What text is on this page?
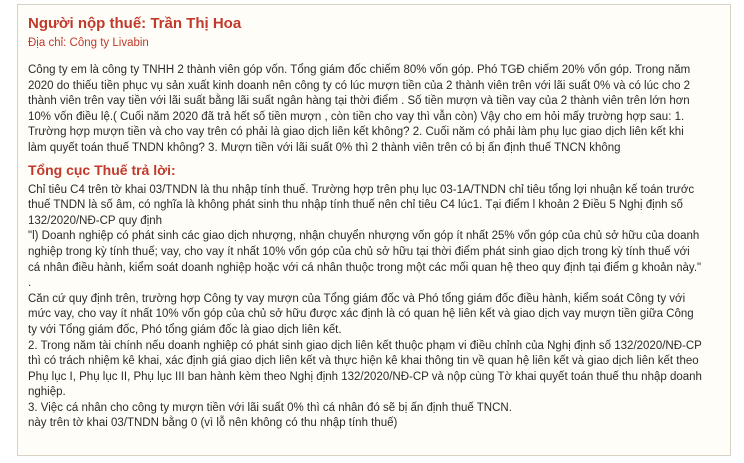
Người nộp thuế: Trần Thị Hoa
Địa chỉ: Công ty Livabin
Công ty em là công ty TNHH 2 thành viên góp vốn. Tổng giám đốc chiếm 80% vốn góp. Phó TGĐ chiếm 20% vốn góp. Trong năm
2020 do thiếu tiền phục vụ sản xuất kinh doanh nên công ty có lúc mượn tiền của 2 thành viên trên với lãi suất 0% và có lúc cho 2
thành viên trên vay tiền với lãi suất bằng lãi suất ngân hàng tại thời điểm . Số tiền mượn và tiền vay của 2 thành viên trên lớn hơn
10% vốn điều lệ.( Cuối năm 2020 đã trả hết số tiền mượn , còn tiền cho vay thì vẫn còn) Vậy cho em hỏi mấy trường hợp sau: 1.
Trường hợp mượn tiền và cho vay trên có phải là giao dịch liên kết không? 2. Cuối năm có phải làm phụ lục giao dịch liên kết khi
làm quyết toán thuế TNDN không? 3. Mượn tiền với lãi suất 0% thì 2 thành viên trên có bị ấn định thuế TNCN không
Tổng cục Thuế trả lời:
Chỉ tiêu C4 trên tờ khai 03/TNDN là thu nhập tính thuế. Trường hợp trên phụ lục 03-1A/TNDN chỉ tiêu tổng lợi nhuận kế toán trước
thuế TNDN là số âm, có nghĩa là không phát sinh thu nhập tính thuế nên chỉ tiêu C4 lúc1. Tại điểm l khoản 2 Điều 5 Nghị định số
132/2020/NĐ-CP quy định
"l) Doanh nghiệp có phát sinh các giao dịch nhượng, nhận chuyển nhượng vốn góp ít nhất 25% vốn góp của chủ sở hữu của doanh
nghiệp trong kỳ tính thuế; vay, cho vay ít nhất 10% vốn góp của chủ sở hữu tại thời điểm phát sinh giao dịch trong kỳ tính thuế với
cá nhân điều hành, kiểm soát doanh nghiệp hoặc với cá nhân thuộc trong một các mối quan hệ theo quy định tại điểm g khoản này."
.
Căn cứ quy định trên, trường hợp Công ty vay mượn của Tổng giám đốc và Phó tổng giám đốc điều hành, kiểm soát Công ty với
mức vay, cho vay ít nhất 10% vốn góp của chủ sở hữu được xác định là có quan hệ liên kết và giao dịch vay mượn tiền giữa Công
ty với Tổng giám đốc, Phó tổng giám đốc là giao dịch liên kết.
2. Trong năm tài chính nếu doanh nghiệp có phát sinh giao dịch liên kết thuộc phạm vi điều chỉnh của Nghị định số 132/2020/NĐ-CP
thì có trách nhiệm kê khai, xác định giá giao dịch liên kết và thực hiện kê khai thông tin về quan hệ liên kết và giao dịch liên kết theo
Phụ lục I, Phụ lục II, Phụ lục III ban hành kèm theo Nghị định 132/2020/NĐ-CP và nộp cùng Tờ khai quyết toán thuế thu nhập doanh
nghiệp.
3. Việc cá nhân cho công ty mượn tiền với lãi suất 0% thì cá nhân đó sẽ bị ấn định thuế TNCN.
này trên tờ khai 03/TNDN bằng 0 (vì lỗ nên không có thu nhập tính thuế)
